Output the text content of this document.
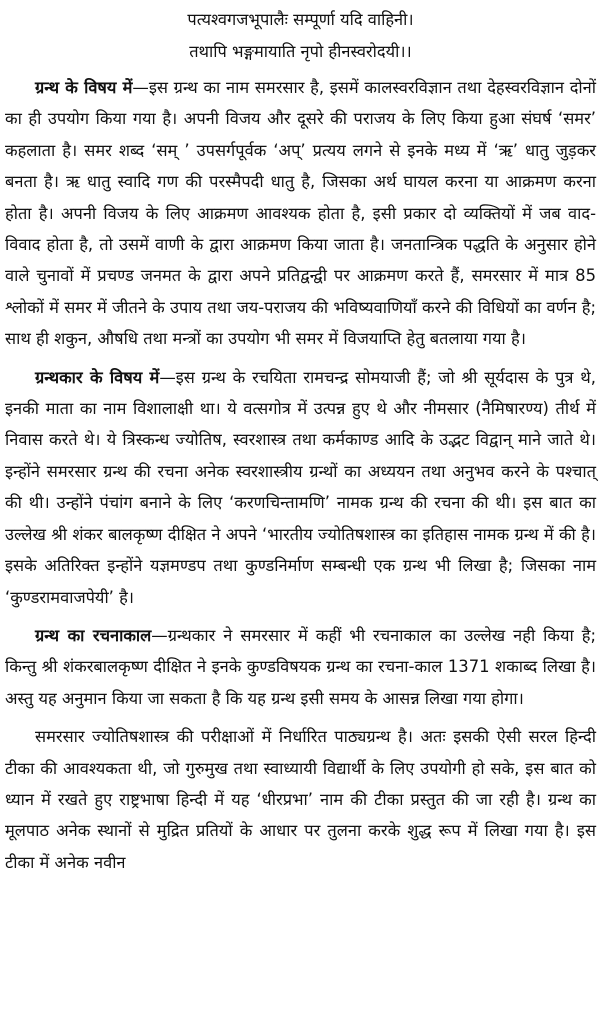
पत्यश्वगजभूपालैः सम्पूर्णा यदि वाहिनी।

तथापि भङ्गमायाति नृपो हीनस्वरोदयी।।

ग्रन्थ के विषय में—इस ग्रन्थ का नाम समरसार है, इसमें कालस्वरविज्ञान तथा देहस्वरविज्ञान दोनों का ही उपयोग किया गया है। अपनी विजय और दूसरे की पराजय के लिए किया हुआ संघर्ष ‘समर’ कहलाता है। समर शब्द ‘सम् ’ उपसर्गपूर्वक ‘अप्’ प्रत्यय लगने से इनके मध्य में ‘ऋ’ धातु जुड़कर बनता है। ऋ धातु स्वादि गण की परस्मैपदी धातु है, जिसका अर्थ घायल करना या आक्रमण करना होता है। अपनी विजय के लिए आक्रमण आवश्यक होता है, इसी प्रकार दो व्यक्तियों में जब वाद-विवाद होता है, तो उसमें वाणी के द्वारा आक्रमण किया जाता है। जनतान्त्रिक पद्धति के अनुसार होने वाले चुनावों में प्रचण्ड जनमत के द्वारा अपने प्रतिद्वन्द्वी पर आक्रमण करते हैं, समरसार में मात्र 85 श्लोकों में समर में जीतने के उपाय तथा जय-पराजय की भविष्यवाणियाँ करने की विधियों का वर्णन है; साथ ही शकुन, औषधि तथा मन्त्रों का उपयोग भी समर में विजयाप्ति हेतु बतलाया गया है।

ग्रन्थकार के विषय में—इस ग्रन्थ के रचयिता रामचन्द्र सोमयाजी हैं; जो श्री सूर्यदास के पुत्र थे, इनकी माता का नाम विशालाक्षी था। ये वत्सगोत्र में उत्पन्न हुए थे और नीमसार (नैमिषारण्य) तीर्थ में निवास करते थे। ये त्रिस्कन्ध ज्योतिष, स्वरशास्त्र तथा कर्मकाण्ड आदि के उद्भट विद्वान् माने जाते थे। इन्होंने समरसार ग्रन्थ की रचना अनेक स्वरशास्त्रीय ग्रन्थों का अध्ययन तथा अनुभव करने के पश्चात् की थी। उन्होंने पंचांग बनाने के लिए ‘करणचिन्तामणि’ नामक ग्रन्थ की रचना की थी। इस बात का उल्लेख श्री शंकर बालकृष्ण दीक्षित ने अपने ‘भारतीय ज्योतिषशास्त्र का इतिहास नामक ग्रन्थ में की है। इसके अतिरिक्त इन्होंने यज्ञमण्डप तथा कुण्डनिर्माण सम्बन्धी एक ग्रन्थ भी लिखा है; जिसका नाम ‘कुण्डरामवाजपेयी’ है।

ग्रन्थ का रचनाकाल—ग्रन्थकार ने समरसार में कहीं भी रचनाकाल का उल्लेख नही किया है; किन्तु श्री शंकरबालकृष्ण दीक्षित ने इनके कुण्डविषयक ग्रन्थ का रचना-काल 1371 शकाब्द लिखा है। अस्तु यह अनुमान किया जा सकता है कि यह ग्रन्थ इसी समय के आसन्न लिखा गया होगा।

समरसार ज्योतिषशास्त्र की परीक्षाओं में निर्धारित पाठ्यग्रन्थ है। अतः इसकी ऐसी सरल हिन्दी टीका की आवश्यकता थी, जो गुरुमुख तथा स्वाध्यायी विद्यार्थी के लिए उपयोगी हो सके, इस बात को ध्यान में रखते हुए राष्ट्रभाषा हिन्दी में यह ‘धीरप्रभा’ नाम की टीका प्रस्तुत की जा रही है। ग्रन्थ का मूलपाठ अनेक स्थानों से मुद्रित प्रतियों के आधार पर तुलना करके शुद्ध रूप में लिखा गया है। इस टीका में अनेक नवीन
